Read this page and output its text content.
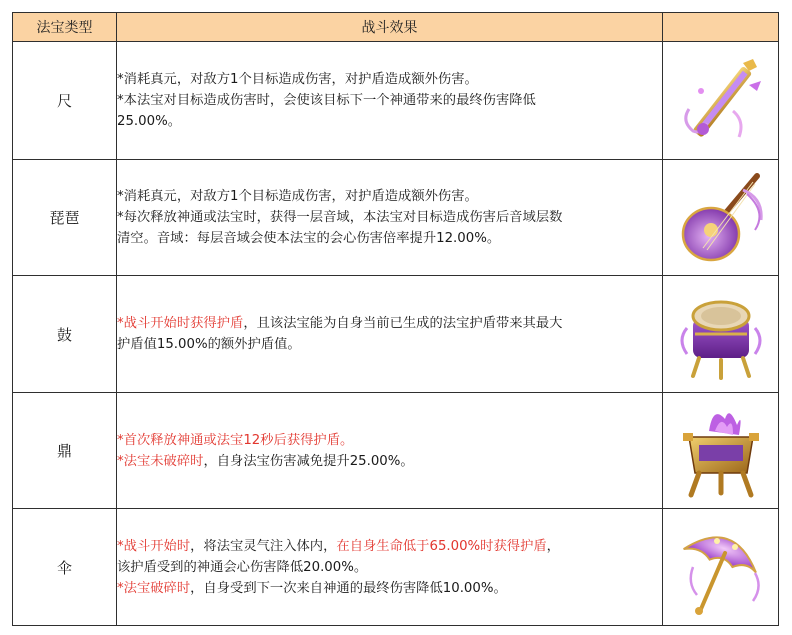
法宝类型	战斗效果	
尺	*消耗真元，对敌方1个目标造成伤害，对护盾造成额外伤害。
*本法宝对目标造成伤害时，会使该目标下一个神通带来的最终伤害降低
25.00%。

琵琶	*消耗真元，对敌方1个目标造成伤害，对护盾造成额外伤害。
*每次释放神通或法宝时，获得一层音域，本法宝对目标造成伤害后音域层数
清空。音域：每层音域会使本法宝的会心伤害倍率提升12.00%。

鼓	*战斗开始时获得护盾，且该法宝能为自身当前已生成的法宝护盾带来其最大
护盾值15.00%的额外护盾值。

鼎	*首次释放神通或法宝12秒后获得护盾。
*法宝未破碎时，自身法宝伤害减免提升25.00%。

伞	*战斗开始时，将法宝灵气注入体内，在自身生命低于65.00%时获得护盾，
该护盾受到的神通会心伤害降低20.00%。
*法宝破碎时，自身受到下一次来自神通的最终伤害降低10.00%。
